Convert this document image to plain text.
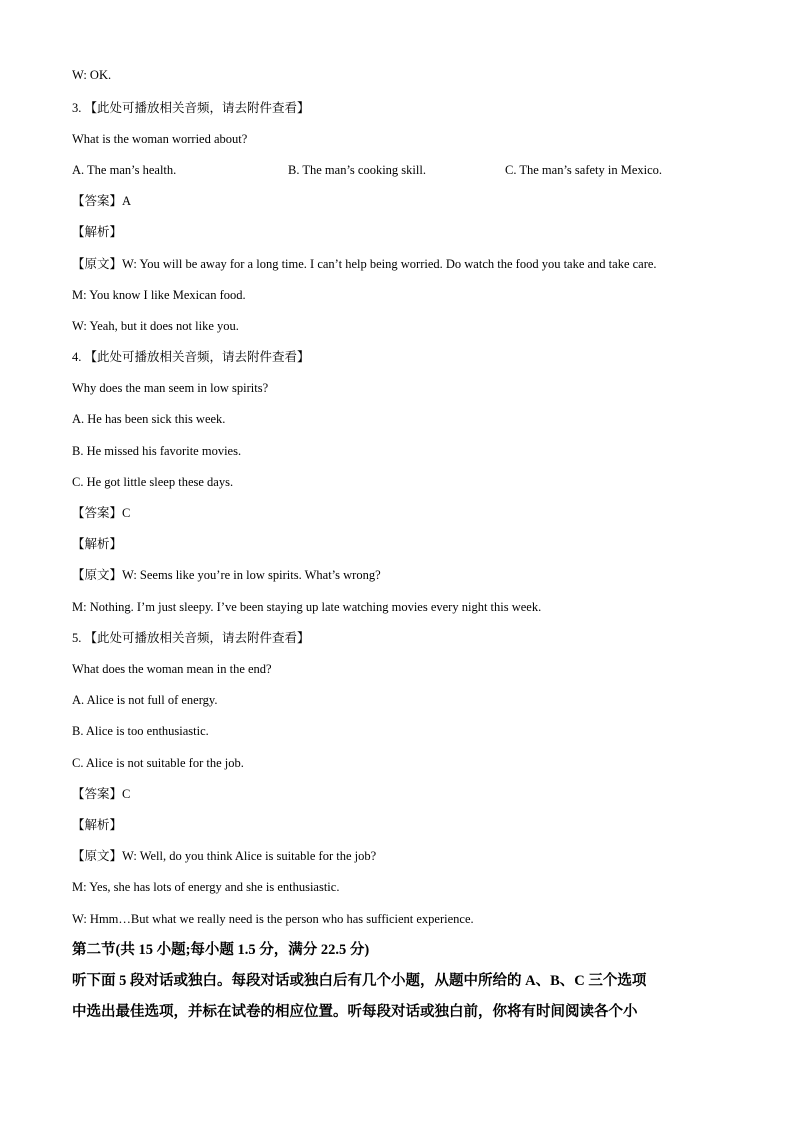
W: OK.
3. 【此处可播放相关音频，请去附件查看】
What is the woman worried about?
A. The man’s health.	B. The man’s cooking skill.	C. The man’s safety in Mexico.
【答案】A
【解析】
【原文】W: You will be away for a long time. I can’t help being worried. Do watch the food you take and take care.
M: You know I like Mexican food.
W: Yeah, but it does not like you.
4. 【此处可播放相关音频，请去附件查看】
Why does the man seem in low spirits?
A. He has been sick this week.
B. He missed his favorite movies.
C. He got little sleep these days.
【答案】C
【解析】
【原文】W: Seems like you’re in low spirits. What’s wrong?
M: Nothing. I’m just sleepy. I’ve been staying up late watching movies every night this week.
5. 【此处可播放相关音频，请去附件查看】
What does the woman mean in the end?
A. Alice is not full of energy.
B. Alice is too enthusiastic.
C. Alice is not suitable for the job.
【答案】C
【解析】
【原文】W: Well, do you think Alice is suitable for the job?
M: Yes, she has lots of energy and she is enthusiastic.
W: Hmm…But what we really need is the person who has sufficient experience.
第二节(共 15 小题;每小题 1.5 分，满分 22.5 分)
听下面 5 段对话或独白。每段对话或独白后有几个小题，从题中所给的 A、B、C 三个选项
中选出最佳选项，并标在试卷的相应位置。听每段对话或独白前，你将有时间阅读各个小
